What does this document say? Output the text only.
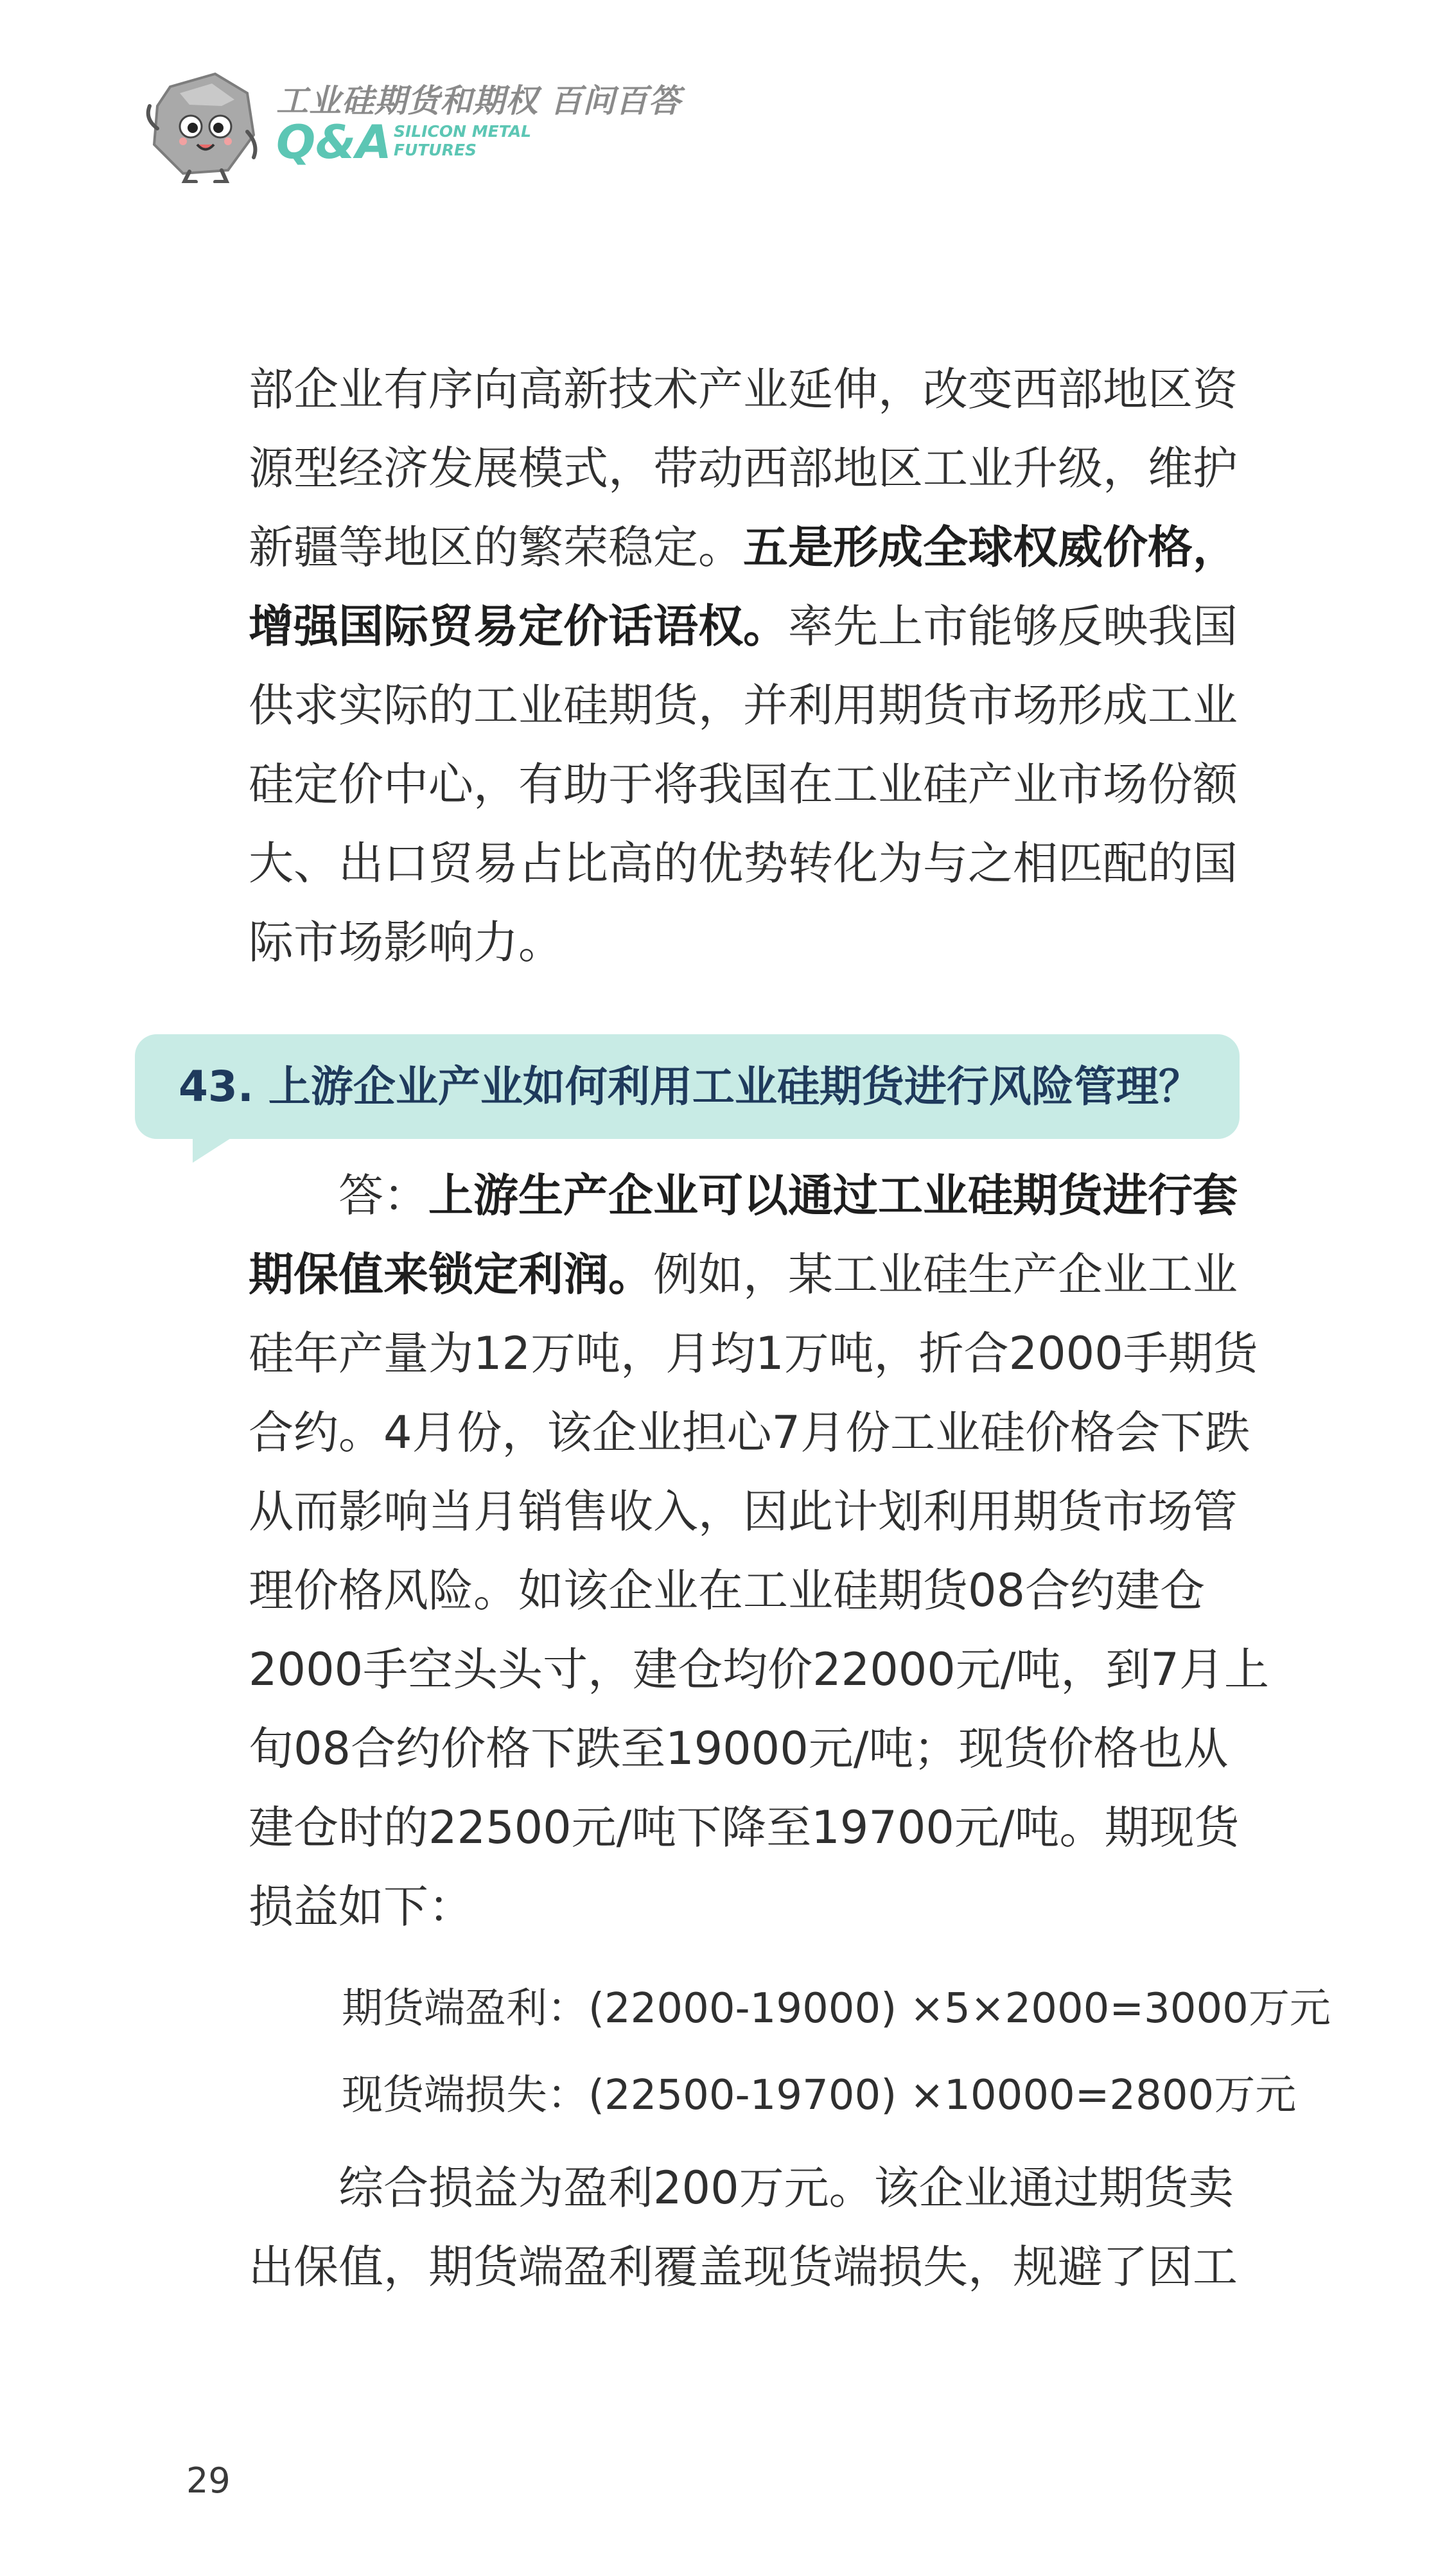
工业硅期货和期权 百问百答
Q&A SILICON METAL
FUTURES
部企业有序向高新技术产业延伸，改变西部地区资
源型经济发展模式，带动西部地区工业升级，维护
新疆等地区的繁荣稳定。五是形成全球权威价格，
增强国际贸易定价话语权。率先上市能够反映我国
供求实际的工业硅期货，并利用期货市场形成工业
硅定价中心，有助于将我国在工业硅产业市场份额
大、出口贸易占比高的优势转化为与之相匹配的国
际市场影响力。
43. 上游企业产业如何利用工业硅期货进行风险管理？
答：上游生产企业可以通过工业硅期货进行套
期保值来锁定利润。例如，某工业硅生产企业工业
硅年产量为12万吨，月均1万吨，折合2000手期货
合约。4月份，该企业担心7月份工业硅价格会下跌
从而影响当月销售收入，因此计划利用期货市场管
理价格风险。如该企业在工业硅期货08合约建仓
2000手空头头寸，建仓均价22000元/吨，到7月上
旬08合约价格下跌至19000元/吨；现货价格也从
建仓时的22500元/吨下降至19700元/吨。期现货
损益如下：
期货端盈利：(22000-19000) ×5×2000=3000万元
现货端损失：(22500-19700) ×10000=2800万元
综合损益为盈利200万元。该企业通过期货卖
出保值，期货端盈利覆盖现货端损失，规避了因工
29
